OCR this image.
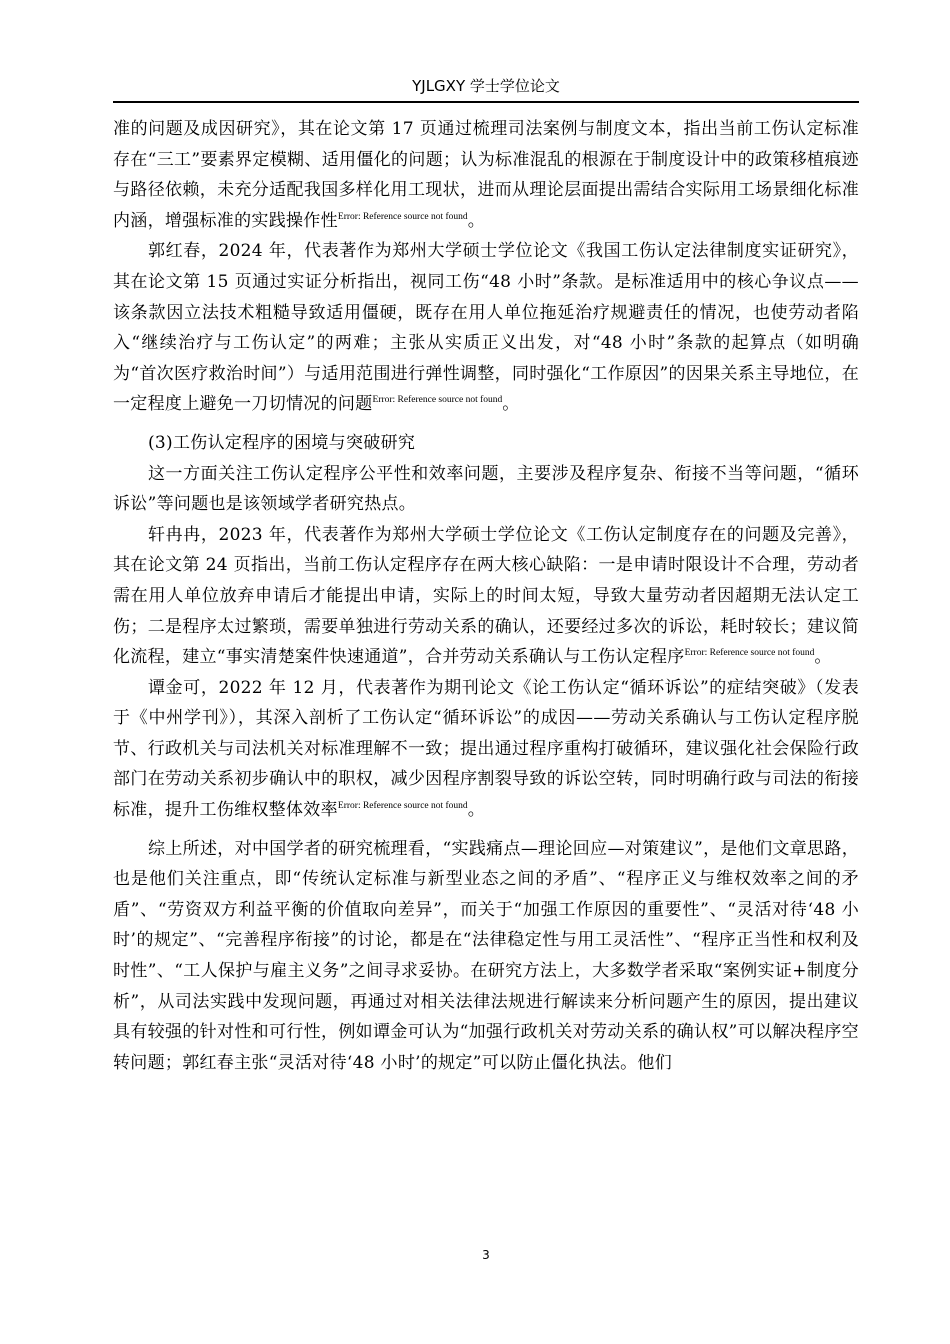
YJLGXY 学士学位论文

准的问题及成因研究》，其在论文第 17 页通过梳理司法案例与制度文本，指出当前工伤认定标准存在“三工”要素界定模糊、适用僵化的问题；认为标准混乱的根源在于制度设计中的政策移植痕迹与路径依赖，未充分适配我国多样化用工现状，进而从理论层面提出需结合实际用工场景细化标准内涵，增强标准的实践操作性$^{Error: Reference source not found}$。

郭红春，2024 年，代表著作为郑州大学硕士学位论文《我国工伤认定法律制度实证研究》，其在论文第 15 页通过实证分析指出，视同工伤“48 小时”条款。是标准适用中的核心争议点——该条款因立法技术粗糙导致适用僵硬，既存在用人单位拖延治疗规避责任的情况，也使劳动者陷入“继续治疗与工伤认定”的两难；主张从实质正义出发，对“48 小时”条款的起算点（如明确为“首次医疗救治时间”）与适用范围进行弹性调整，同时强化“工作原因”的因果关系主导地位，在一定程度上避免一刀切情况的问题$^{Error: Reference source not found}$。

(3)工伤认定程序的困境与突破研究

这一方面关注工伤认定程序公平性和效率问题，主要涉及程序复杂、衔接不当等问题，“循环诉讼”等问题也是该领域学者研究热点。

轩冉冉，2023 年，代表著作为郑州大学硕士学位论文《工伤认定制度存在的问题及完善》，其在论文第 24 页指出，当前工伤认定程序存在两大核心缺陷：一是申请时限设计不合理，劳动者需在用人单位放弃申请后才能提出申请，实际上的时间太短，导致大量劳动者因超期无法认定工伤；二是程序太过繁琐，需要单独进行劳动关系的确认，还要经过多次的诉讼，耗时较长；建议简化流程，建立“事实清楚案件快速通道”，合并劳动关系确认与工伤认定程序$^{Error: Reference source not found}$。

谭金可，2022 年 12 月，代表著作为期刊论文《论工伤认定“循环诉讼”的症结突破》（发表于《中州学刊》），其深入剖析了工伤认定“循环诉讼”的成因——劳动关系确认与工伤认定程序脱节、行政机关与司法机关对标准理解不一致；提出通过程序重构打破循环，建议强化社会保险行政部门在劳动关系初步确认中的职权，减少因程序割裂导致的诉讼空转，同时明确行政与司法的衔接标准，提升工伤维权整体效率$^{Error: Reference source not found}$。

综上所述，对中国学者的研究梳理看，“实践痛点—理论回应—对策建议”，是他们文章思路，也是他们关注重点，即“传统认定标准与新型业态之间的矛盾”、“程序正义与维权效率之间的矛盾”、“劳资双方利益平衡的价值取向差异”，而关于“加强工作原因的重要性”、“灵活对待‘48 小时’的规定”、“完善程序衔接”的讨论，都是在“法律稳定性与用工灵活性”、“程序正当性和权利及时性”、“工人保护与雇主义务”之间寻求妥协。在研究方法上，大多数学者采取“案例实证+制度分析”，从司法实践中发现问题，再通过对相关法律法规进行解读来分析问题产生的原因，提出建议具有较强的针对性和可行性，例如谭金可认为“加强行政机关对劳动关系的确认权”可以解决程序空转问题；郭红春主张“灵活对待‘48 小时’的规定”可以防止僵化执法。他们

3
